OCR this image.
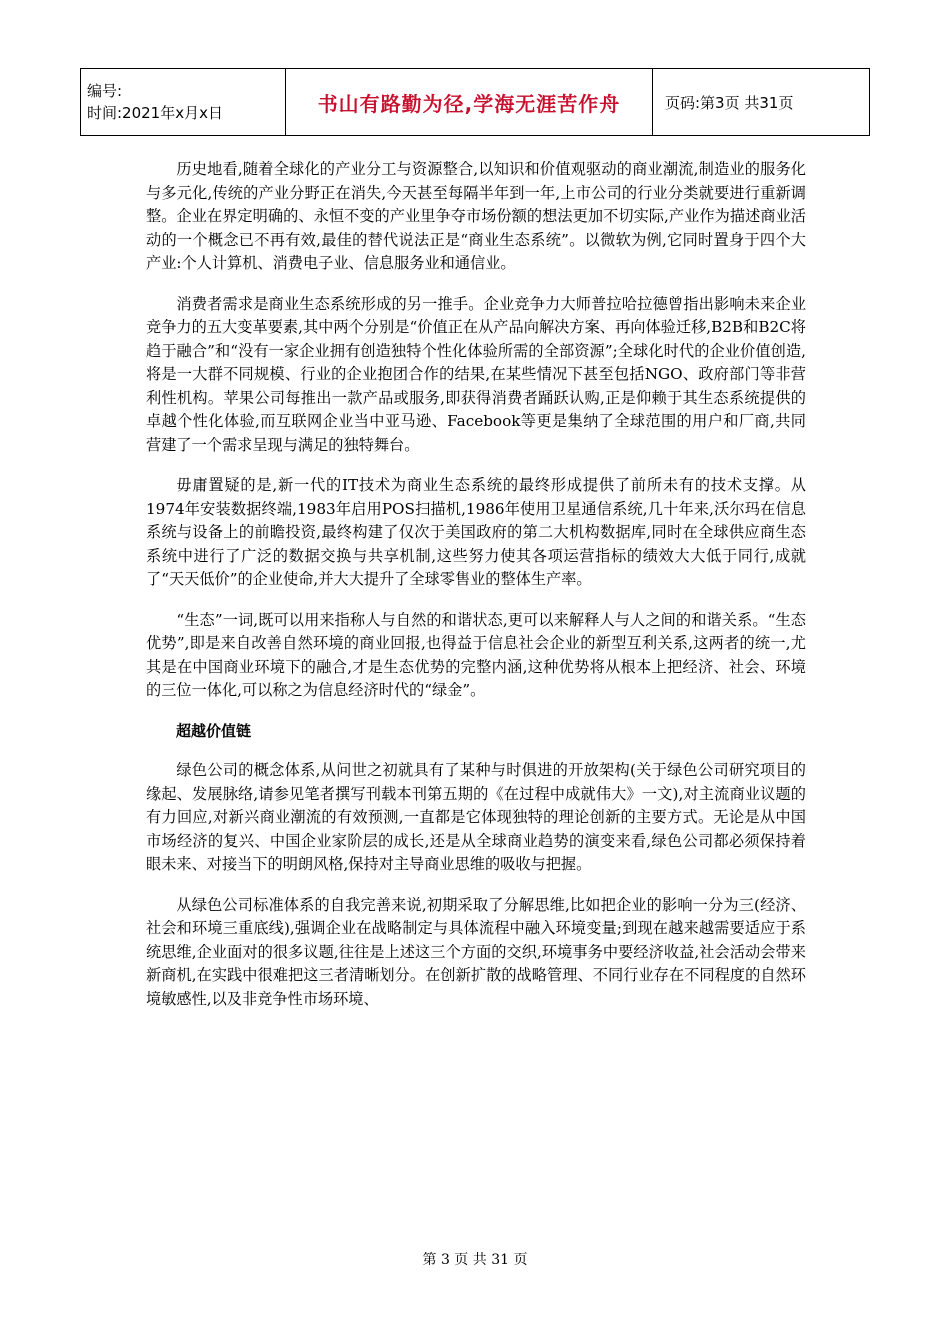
编号:
时间:2021年x月x日	书山有路勤为径,学海无涯苦作舟	页码:第3页 共31页

历史地看,随着全球化的产业分工与资源整合,以知识和价值观驱动的商业潮流,制造业的服务化与多元化,传统的产业分野正在消失,今天甚至每隔半年到一年,上市公司的行业分类就要进行重新调整。企业在界定明确的、永恒不变的产业里争夺市场份额的想法更加不切实际,产业作为描述商业活动的一个概念已不再有效,最佳的替代说法正是“商业生态系统”。以微软为例,它同时置身于四个大产业:个人计算机、消费电子业、信息服务业和通信业。

消费者需求是商业生态系统形成的另一推手。企业竞争力大师普拉哈拉德曾指出影响未来企业竞争力的五大变革要素,其中两个分别是“价值正在从产品向解决方案、再向体验迁移,B2B和B2C将趋于融合”和“没有一家企业拥有创造独特个性化体验所需的全部资源”;全球化时代的企业价值创造,将是一大群不同规模、行业的企业抱团合作的结果,在某些情况下甚至包括NGO、政府部门等非营利性机构。苹果公司每推出一款产品或服务,即获得消费者踊跃认购,正是仰赖于其生态系统提供的卓越个性化体验,而互联网企业当中亚马逊、Facebook等更是集纳了全球范围的用户和厂商,共同营建了一个需求呈现与满足的独特舞台。

毋庸置疑的是,新一代的IT技术为商业生态系统的最终形成提供了前所未有的技术支撑。从1974年安装数据终端,1983年启用POS扫描机,1986年使用卫星通信系统,几十年来,沃尔玛在信息系统与设备上的前瞻投资,最终构建了仅次于美国政府的第二大机构数据库,同时在全球供应商生态系统中进行了广泛的数据交换与共享机制,这些努力使其各项运营指标的绩效大大低于同行,成就了“天天低价”的企业使命,并大大提升了全球零售业的整体生产率。

“生态”一词,既可以用来指称人与自然的和谐状态,更可以来解释人与人之间的和谐关系。“生态优势”,即是来自改善自然环境的商业回报,也得益于信息社会企业的新型互利关系,这两者的统一,尤其是在中国商业环境下的融合,才是生态优势的完整内涵,这种优势将从根本上把经济、社会、环境的三位一体化,可以称之为信息经济时代的“绿金”。

超越价值链

绿色公司的概念体系,从问世之初就具有了某种与时俱进的开放架构(关于绿色公司研究项目的缘起、发展脉络,请参见笔者撰写刊载本刊第五期的《在过程中成就伟大》一文),对主流商业议题的有力回应,对新兴商业潮流的有效预测,一直都是它体现独特的理论创新的主要方式。无论是从中国市场经济的复兴、中国企业家阶层的成长,还是从全球商业趋势的演变来看,绿色公司都必须保持着眼未来、对接当下的明朗风格,保持对主导商业思维的吸收与把握。

从绿色公司标准体系的自我完善来说,初期采取了分解思维,比如把企业的影响一分为三(经济、社会和环境三重底线),强调企业在战略制定与具体流程中融入环境变量;到现在越来越需要适应于系统思维,企业面对的很多议题,往往是上述这三个方面的交织,环境事务中要经济收益,社会活动会带来新商机,在实践中很难把这三者清晰划分。在创新扩散的战略管理、不同行业存在不同程度的自然环境敏感性,以及非竞争性市场环境、

第 3 页 共 31 页
